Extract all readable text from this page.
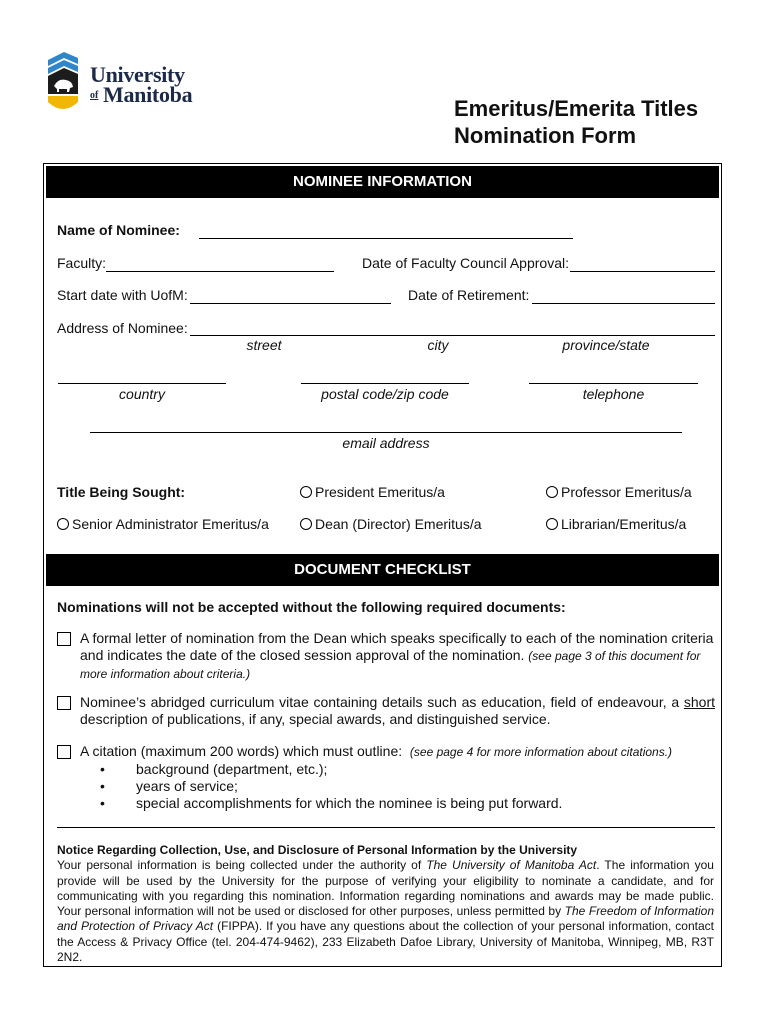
University
of Manitoba
Emeritus/Emerita Titles
Nomination Form
NOMINEE INFORMATION
Name of Nominee:
Faculty:	Date of Faculty Council Approval:
Start date with UofM:	Date of Retirement:
Address of Nominee:
street	city	province/state
country	postal code/zip code	telephone
email address
Title Being Sought:	President Emeritus/a	Professor Emeritus/a
Senior Administrator Emeritus/a	Dean (Director) Emeritus/a	Librarian/Emeritus/a
DOCUMENT CHECKLIST
Nominations will not be accepted without the following required documents:
A formal letter of nomination from the Dean which speaks specifically to each of the nomination criteria and indicates the date of the closed session approval of the nomination. (see page 3 of this document for more information about criteria.)
Nominee’s abridged curriculum vitae containing details such as education, field of endeavour, a short description of publications, if any, special awards, and distinguished service.
A citation (maximum 200 words) which must outline: (see page 4 for more information about citations.)
•	background (department, etc.);
•	years of service;
•	special accomplishments for which the nominee is being put forward.
Notice Regarding Collection, Use, and Disclosure of Personal Information by the University
Your personal information is being collected under the authority of The University of Manitoba Act. The information you provide will be used by the University for the purpose of verifying your eligibility to nominate a candidate, and for communicating with you regarding this nomination. Information regarding nominations and awards may be made public. Your personal information will not be used or disclosed for other purposes, unless permitted by The Freedom of Information and Protection of Privacy Act (FIPPA). If you have any questions about the collection of your personal information, contact the Access & Privacy Office (tel. 204-474-9462), 233 Elizabeth Dafoe Library, University of Manitoba, Winnipeg, MB, R3T 2N2.
